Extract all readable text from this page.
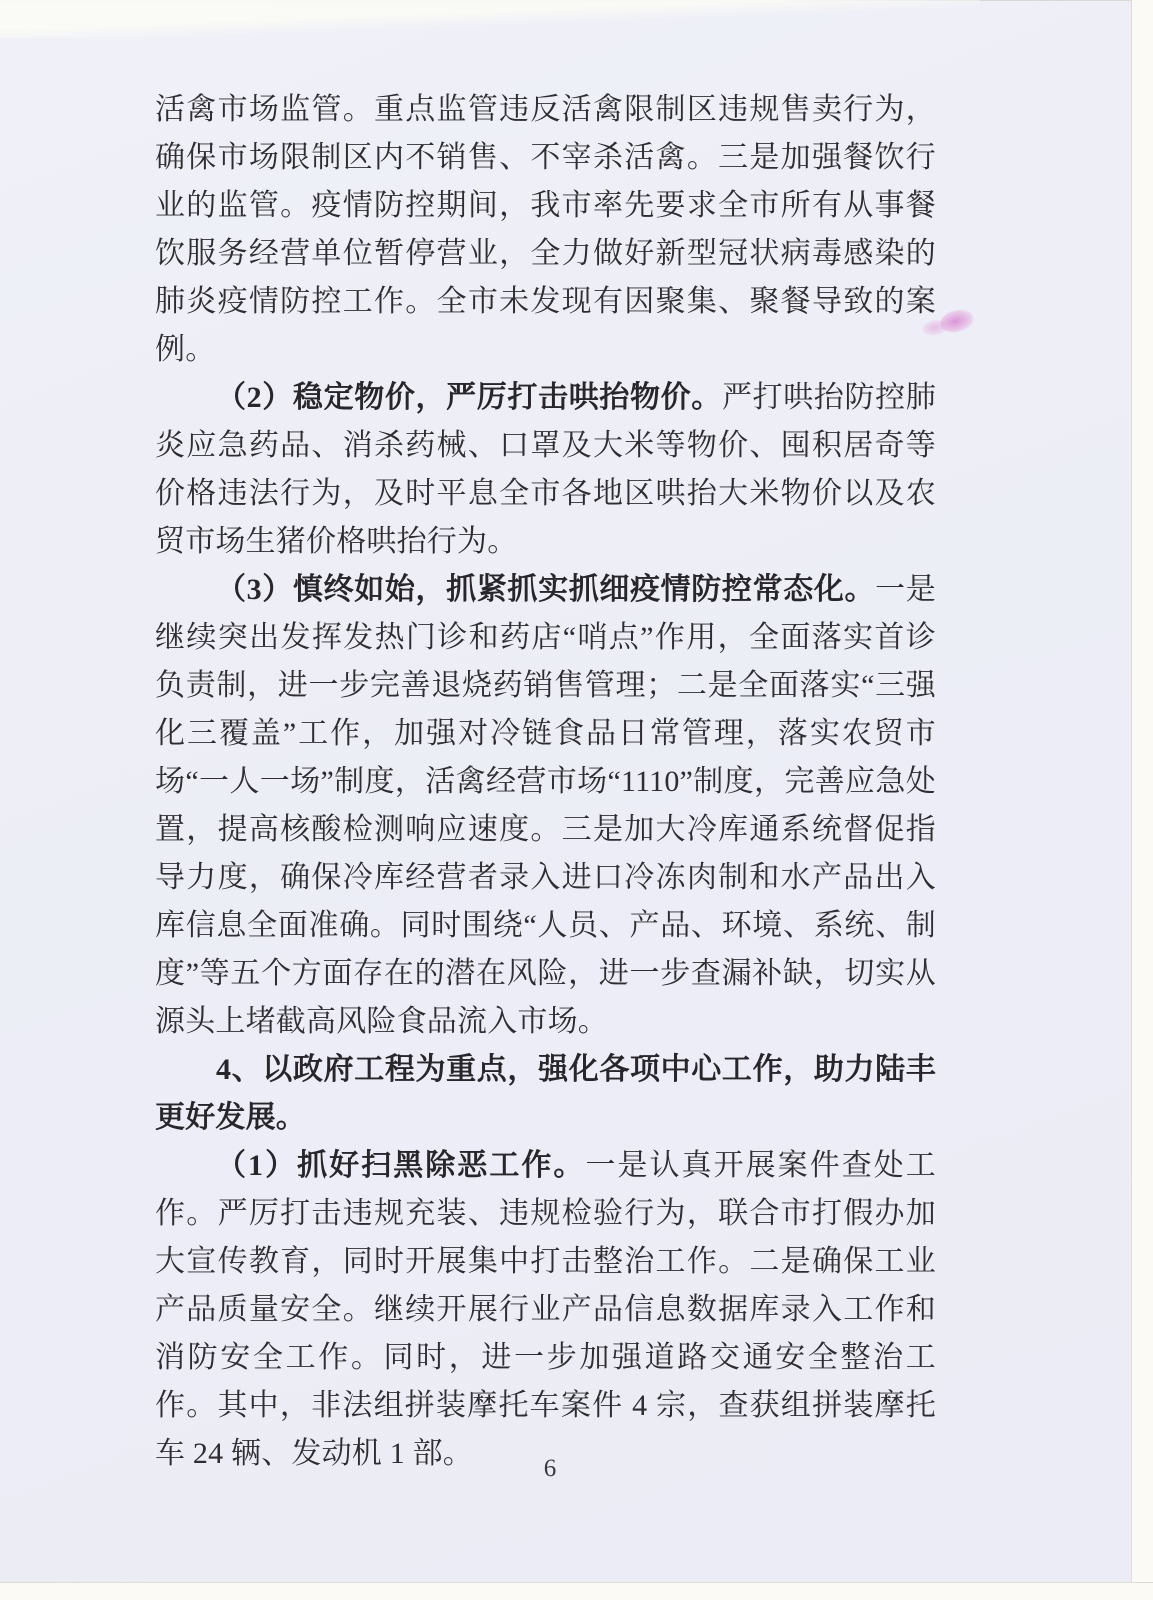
活禽市场监管。重点监管违反活禽限制区违规售卖行为，确保市场限制区内不销售、不宰杀活禽。三是加强餐饮行业的监管。疫情防控期间，我市率先要求全市所有从事餐饮服务经营单位暂停营业，全力做好新型冠状病毒感染的肺炎疫情防控工作。全市未发现有因聚集、聚餐导致的案例。

（2）稳定物价，严厉打击哄抬物价。严打哄抬防控肺炎应急药品、消杀药械、口罩及大米等物价、囤积居奇等价格违法行为，及时平息全市各地区哄抬大米物价以及农贸市场生猪价格哄抬行为。

（3）慎终如始，抓紧抓实抓细疫情防控常态化。一是继续突出发挥发热门诊和药店“哨点”作用，全面落实首诊负责制，进一步完善退烧药销售管理；二是全面落实“三强化三覆盖”工作，加强对冷链食品日常管理，落实农贸市场“一人一场”制度，活禽经营市场“1110”制度，完善应急处置，提高核酸检测响应速度。三是加大冷库通系统督促指导力度，确保冷库经营者录入进口冷冻肉制和水产品出入库信息全面准确。同时围绕“人员、产品、环境、系统、制度”等五个方面存在的潜在风险，进一步查漏补缺，切实从源头上堵截高风险食品流入市场。

4、以政府工程为重点，强化各项中心工作，助力陆丰更好发展。

（1）抓好扫黑除恶工作。一是认真开展案件查处工作。严厉打击违规充装、违规检验行为，联合市打假办加大宣传教育，同时开展集中打击整治工作。二是确保工业产品质量安全。继续开展行业产品信息数据库录入工作和消防安全工作。同时，进一步加强道路交通安全整治工作。其中，非法组拼装摩托车案件 4 宗，查获组拼装摩托车 24 辆、发动机 1 部。	6
